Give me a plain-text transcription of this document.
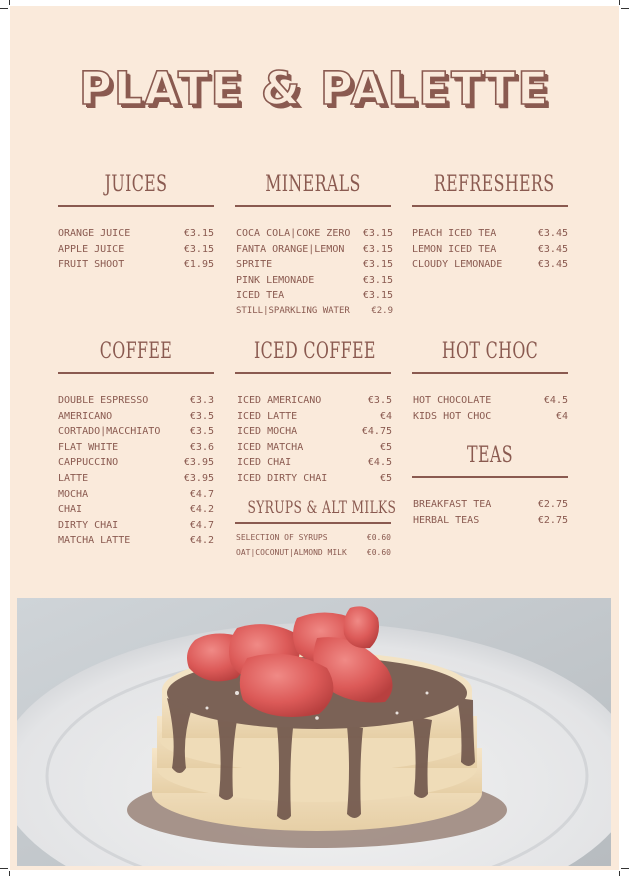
PLATE & PALETTE
JUICES
ORANGE JUICE	€3.15
APPLE JUICE	€3.15
FRUIT SHOOT	€1.95
MINERALS
COCA COLA|COKE ZERO €3.15
FANTA ORANGE|LEMON €3.15
SPRITE	€3.15
PINK LEMONADE	€3.15
ICED TEA	€3.15
STILL|SPARKLING WATER €2.9
REFRESHERS
PEACH ICED TEA	€3.45
LEMON ICED TEA	€3.45
CLOUDY LEMONADE	€3.45
COFFEE
DOUBLE ESPRESSO	€3.3
AMERICANO	€3.5
CORTADO|MACCHIATO	€3.5
FLAT WHITE	€3.6
CAPPUCCINO	€3.95
LATTE	€3.95
MOCHA	€4.7
CHAI	€4.2
DIRTY CHAI	€4.7
MATCHA LATTE	€4.2
ICED COFFEE
ICED AMERICANO	€3.5
ICED LATTE	€4
ICED MOCHA	€4.75
ICED MATCHA	€5
ICED CHAI	€4.5
ICED DIRTY CHAI	€5
SYRUPS & ALT MILKS
SELECTION OF SYRUPS	€0.60
OAT|COCONUT|ALMOND MILK	€0.60
HOT CHOC
HOT CHOCOLATE	€4.5
KIDS HOT CHOC	€4
TEAS
BREAKFAST TEA	€2.75
HERBAL TEAS	€2.75
